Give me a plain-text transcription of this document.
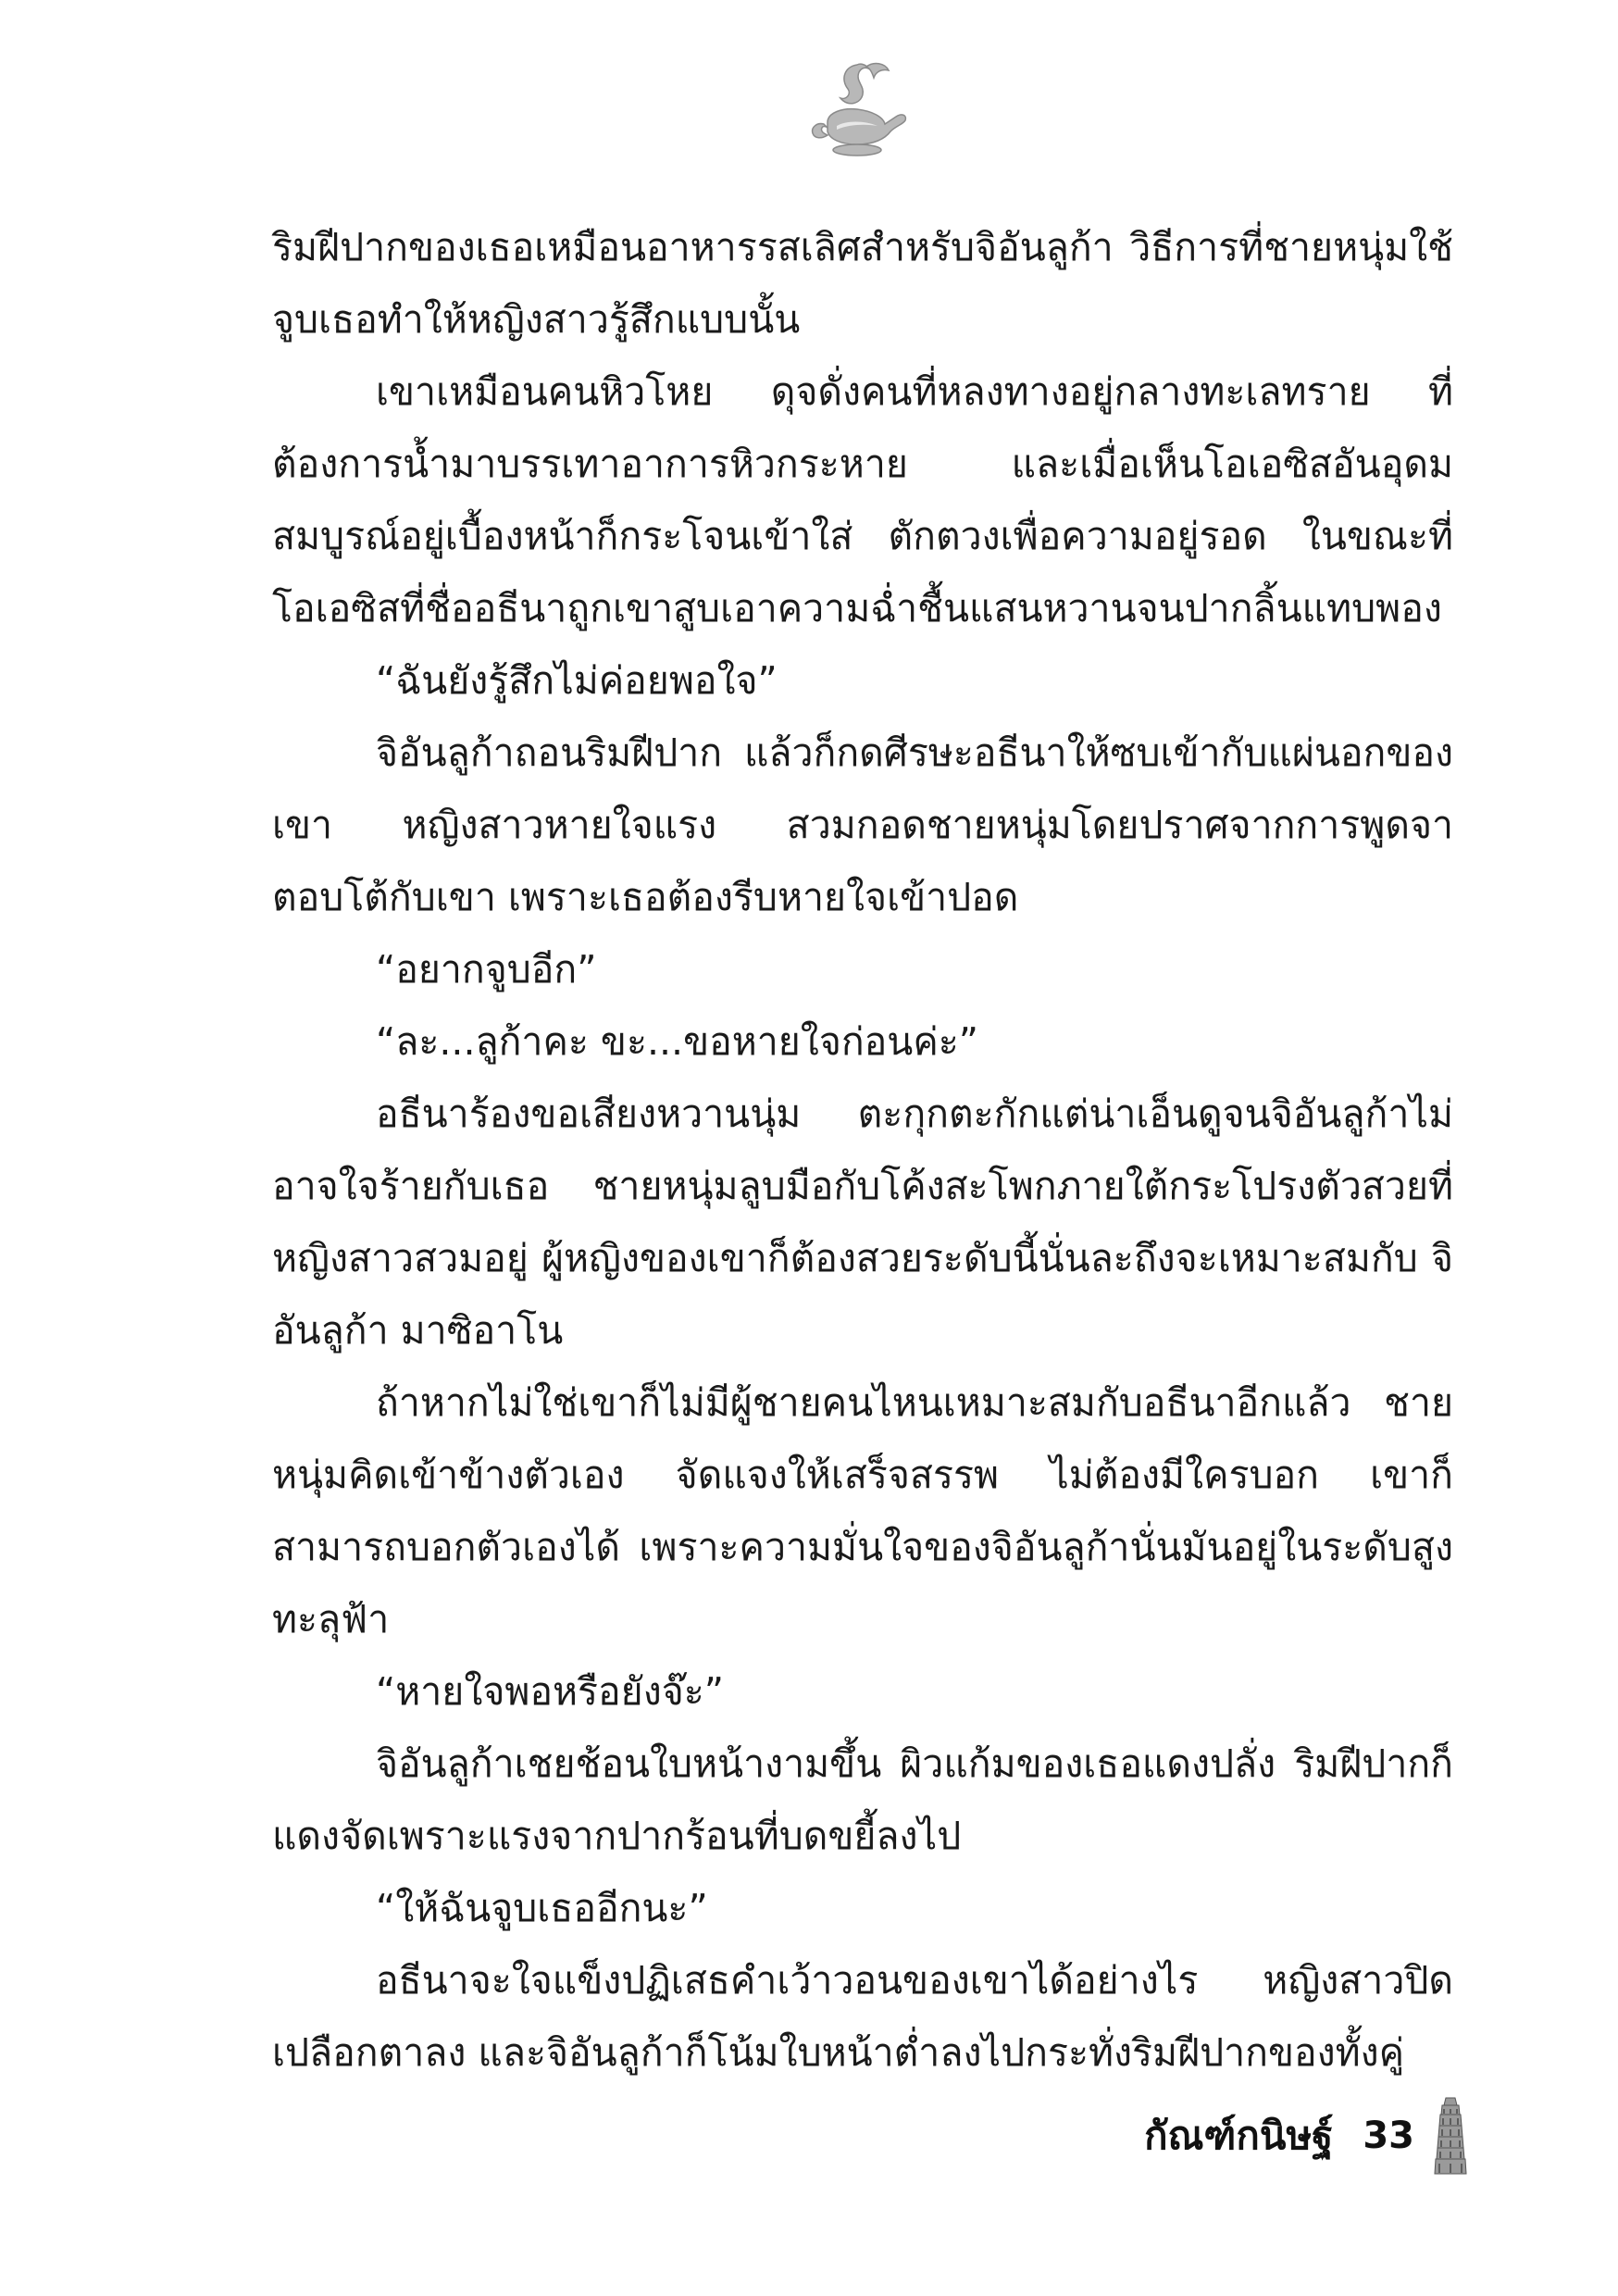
ริมฝีปากของเธอเหมือนอาหารรสเลิศสำหรับจิอันลูก้า วิธีการที่ชายหนุ่มใช้จูบเธอทำให้หญิงสาวรู้สึกแบบนั้น

เขาเหมือนคนหิวโหย ดุจดั่งคนที่หลงทางอยู่กลางทะเลทราย ที่ต้องการน้ำมาบรรเทาอาการหิวกระหาย และเมื่อเห็นโอเอซิสอันอุดมสมบูรณ์อยู่เบื้องหน้าก็กระโจนเข้าใส่ ตักตวงเพื่อความอยู่รอด ในขณะที่โอเอซิสที่ชื่ออธีนาถูกเขาสูบเอาความฉ่ำชื้นแสนหวานจนปากลิ้นแทบพอง

“ฉันยังรู้สึกไม่ค่อยพอใจ”

จิอันลูก้าถอนริมฝีปาก แล้วก็กดศีรษะอธีนาให้ซบเข้ากับแผ่นอกของเขา หญิงสาวหายใจแรง สวมกอดชายหนุ่มโดยปราศจากการพูดจาตอบโต้กับเขา เพราะเธอต้องรีบหายใจเข้าปอด

“อยากจูบอีก”

“ละ...ลูก้าคะ ขะ...ขอหายใจก่อนค่ะ”

อธีนาร้องขอเสียงหวานนุ่ม ตะกุกตะกักแต่น่าเอ็นดูจนจิอันลูก้าไม่อาจใจร้ายกับเธอ ชายหนุ่มลูบมือกับโค้งสะโพกภายใต้กระโปรงตัวสวยที่หญิงสาวสวมอยู่ ผู้หญิงของเขาก็ต้องสวยระดับนี้นั่นละถึงจะเหมาะสมกับ จิอันลูก้า มาซิอาโน

ถ้าหากไม่ใช่เขาก็ไม่มีผู้ชายคนไหนเหมาะสมกับอธีนาอีกแล้ว ชายหนุ่มคิดเข้าข้างตัวเอง จัดแจงให้เสร็จสรรพ ไม่ต้องมีใครบอก เขาก็สามารถบอกตัวเองได้ เพราะความมั่นใจของจิอันลูก้านั่นมันอยู่ในระดับสูงทะลุฟ้า

“หายใจพอหรือยังจ๊ะ”

จิอันลูก้าเชยช้อนใบหน้างามขึ้น ผิวแก้มของเธอแดงปลั่ง ริมฝีปากก็แดงจัดเพราะแรงจากปากร้อนที่บดขยี้ลงไป

“ให้ฉันจูบเธออีกนะ”

อธีนาจะใจแข็งปฏิเสธคำเว้าวอนของเขาได้อย่างไร หญิงสาวปิดเปลือกตาลง และจิอันลูก้าก็โน้มใบหน้าต่ำลงไปกระทั่งริมฝีปากของทั้งคู่

กัณฑ์กนิษฐ์ 33
